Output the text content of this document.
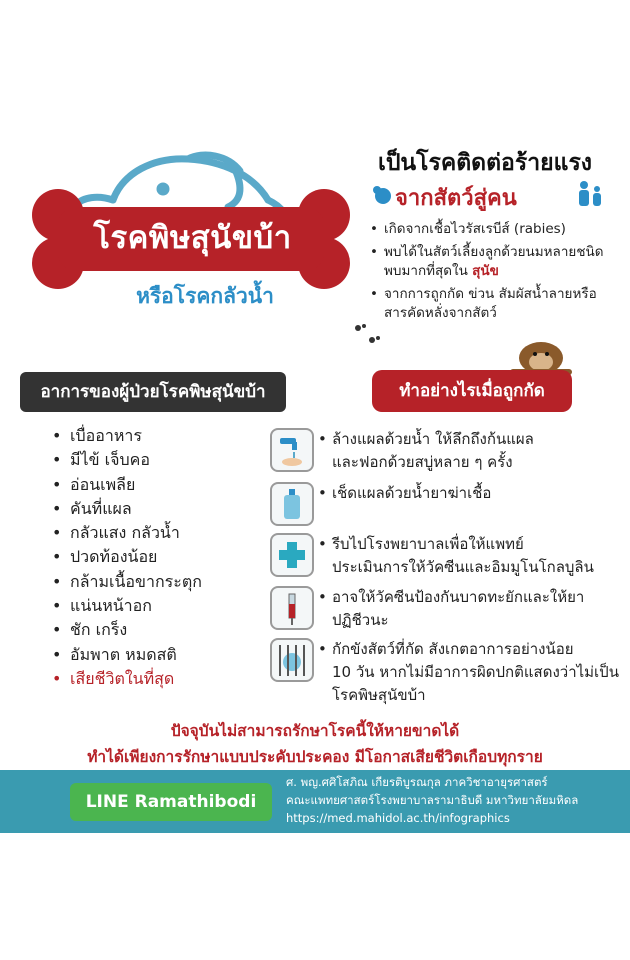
โรคพิษสุนัขบ้า
หรือโรคกลัวน้ำ
เป็นโรคติดต่อร้ายแรง
จากสัตว์สู่คน
• เกิดจากเชื้อไวรัสเรบีส์ (rabies)
• พบได้ในสัตว์เลี้ยงลูกด้วยนมหลายชนิด พบมากที่สุดใน สุนัข
• จากการถูกกัด ข่วน สัมผัสน้ำลายหรือสารคัดหลั่งจากสัตว์
อาการของผู้ป่วยโรคพิษสุนัขบ้า	ทำอย่างไรเมื่อถูกกัด
• เบื่ออาหาร
• มีไข้ เจ็บคอ
• อ่อนเพลีย
• คันที่แผล
• กลัวแสง กลัวน้ำ
• ปวดท้องน้อย
• กล้ามเนื้อขากระตุก
• แน่นหน้าอก
• ชัก เกร็ง
• อัมพาต หมดสติ
• เสียชีวิตในที่สุด
• ล้างแผลด้วยน้ำ ให้ลึกถึงก้นแผล
และฟอกด้วยสบู่หลาย ๆ ครั้ง
• เช็ดแผลด้วยน้ำยาฆ่าเชื้อ
• รีบไปโรงพยาบาลเพื่อให้แพทย์
ประเมินการให้วัคซีนและอิมมูโนโกลบูลิน
• อาจให้วัคซีนป้องกันบาดทะยักและให้ยาปฏิชีวนะ
• กักขังสัตว์ที่กัด สังเกตอาการอย่างน้อย
10 วัน หากไม่มีอาการผิดปกติแสดงว่าไม่เป็น
โรคพิษสุนัขบ้า
ปัจจุบันไม่สามารถรักษาโรคนี้ให้หายขาดได้
ทำได้เพียงการรักษาแบบประคับประคอง มีโอกาสเสียชีวิตเกือบทุกราย
LINE Ramathibodi
ศ. พญ.ศศิโสภิณ เกียรติบูรณกุล ภาควิชาอายุรศาสตร์
คณะแพทยศาสตร์โรงพยาบาลรามาธิบดี มหาวิทยาลัยมหิดล
https://med.mahidol.ac.th/infographics
